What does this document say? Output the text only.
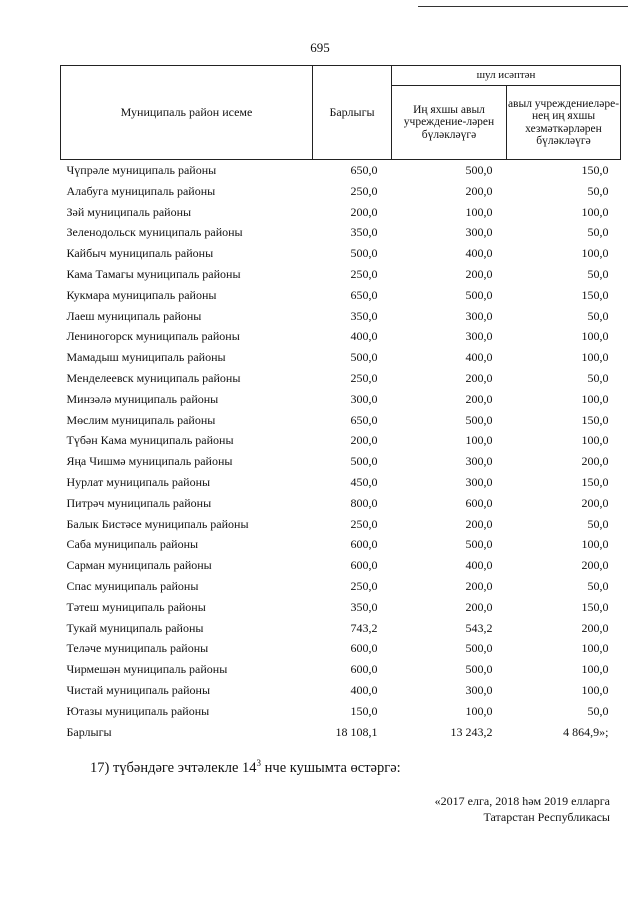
695
Муниципаль район исеме	Барлыгы	шул исәптән	
		Иң яхшы авыл учреждение-ләрен бүләкләүгә	авыл учреждениеләре-нең иң яхшы хезмәткәрләрен бүләкләүгә
Чүпрәле муниципаль районы	650,0	500,0	150,0
Алабуга муниципаль районы	250,0	200,0	50,0
Зәй муниципаль районы	200,0	100,0	100,0
Зеленодольск муниципаль районы	350,0	300,0	50,0
Кайбыч муниципаль районы	500,0	400,0	100,0
Кама Тамагы муниципаль районы	250,0	200,0	50,0
Кукмара муниципаль районы	650,0	500,0	150,0
Лаеш муниципаль районы	350,0	300,0	50,0
Лениногорск муниципаль районы	400,0	300,0	100,0
Мамадыш муниципаль районы	500,0	400,0	100,0
Менделеевск муниципаль районы	250,0	200,0	50,0
Минзәлә муниципаль районы	300,0	200,0	100,0
Мөслим муниципаль районы	650,0	500,0	150,0
Түбән Кама муниципаль районы	200,0	100,0	100,0
Яңа Чишмә муниципаль районы	500,0	300,0	200,0
Нурлат муниципаль районы	450,0	300,0	150,0
Питрәч муниципаль районы	800,0	600,0	200,0
Балык Бистәсе муниципаль районы	250,0	200,0	50,0
Саба муниципаль районы	600,0	500,0	100,0
Сарман муниципаль районы	600,0	400,0	200,0
Спас муниципаль районы	250,0	200,0	50,0
Тәтеш муниципаль районы	350,0	200,0	150,0
Тукай муниципаль районы	743,2	543,2	200,0
Теләче муниципаль районы	600,0	500,0	100,0
Чирмешән муниципаль районы	600,0	500,0	100,0
Чистай муниципаль районы	400,0	300,0	100,0
Ютазы муниципаль районы	150,0	100,0	50,0
Барлыгы	18 108,1	13 243,2	4 864,9»;
17) түбәндәге эчтәлекле $14^3$ нче кушымта өстәргә:
«2017 елга, 2018 һәм 2019 елларга
Татарстан Республикасы
